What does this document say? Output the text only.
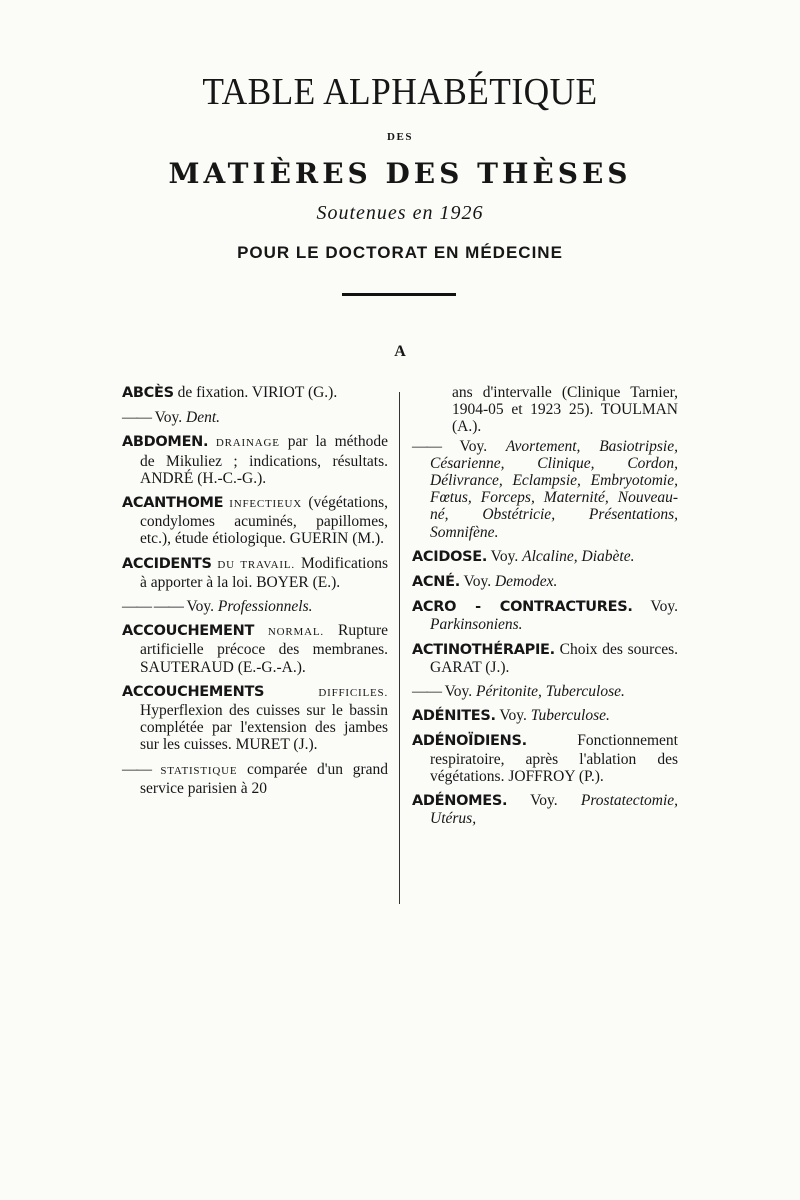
TABLE ALPHABÉTIQUE
DES
MATIÈRES DES THÈSES
Soutenues en 1926
POUR LE DOCTORAT EN MÉDECINE
A

ABCÈS de fixation. VIRIOT (G.).

—— Voy. Dent.

ABDOMEN. DRAINAGE par la méthode de Mikuliez ; indications, résultats. ANDRÉ (H.-C.-G.).

ACANTHOME INFECTIEUX (végétations, condylomes acuminés, papillomes, etc.), étude étiologique. GUERIN (M.).

ACCIDENTS DU TRAVAIL. Modifications à apporter à la loi. BOYER (E.).

—— —— Voy. Professionnels.

ACCOUCHEMENT NORMAL. Rupture artificielle précoce des membranes. SAUTERAUD (E.-G.-A.).

ACCOUCHEMENTS DIFFICILES. Hyperflexion des cuisses sur le bassin complétée par l'extension des jambes sur les cuisses. MURET (J.).

—— STATISTIQUE comparée d'un grand service parisien à 20

ans d'intervalle (Clinique Tarnier, 1904-05 et 1923 25). TOULMAN (A.).

—— Voy. Avortement, Basiotripsie, Césarienne, Clinique, Cordon, Délivrance, Eclampsie, Embryotomie, Fœtus, Forceps, Maternité, Nouveau-né, Obstétricie, Présentations, Somnifène.

ACIDOSE. Voy. Alcaline, Diabète.

ACNÉ. Voy. Demodex.

ACRO - CONTRACTURES. Voy. Parkinsoniens.

ACTINOTHÉRAPIE. Choix des sources. GARAT (J.).

—— Voy. Péritonite, Tuberculose.

ADÉNITES. Voy. Tuberculose.

ADÉNOÏDIENS. Fonctionnement respiratoire, après l'ablation des végétations. JOFFROY (P.).

ADÉNOMES. Voy. Prostatectomie, Utérus,
